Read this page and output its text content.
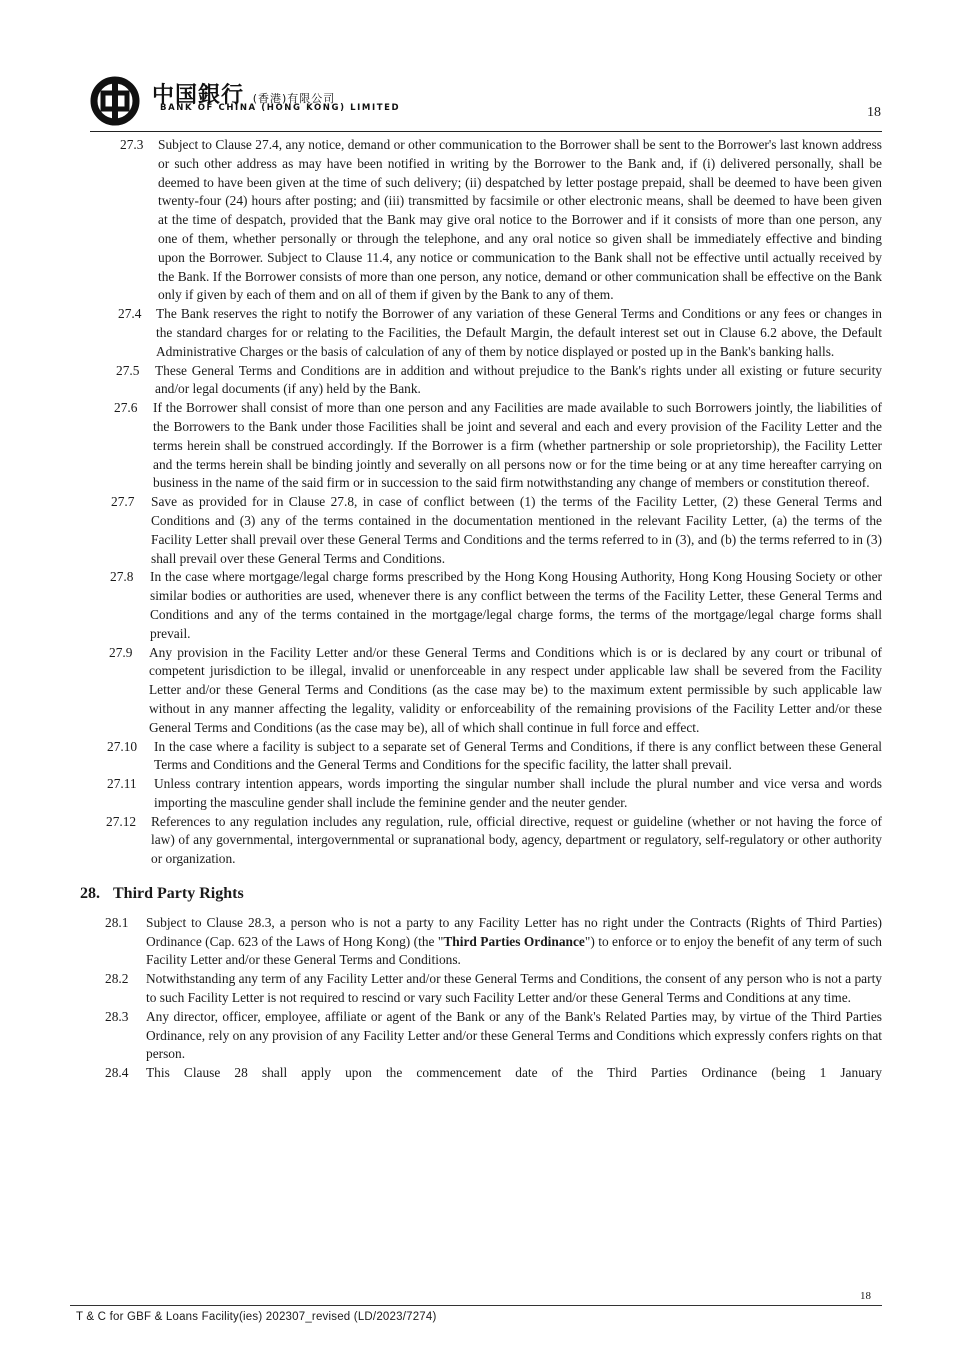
中国銀行 (香港)有限公司
BANK OF CHINA (HONG KONG) LIMITED	18
27.3 Subject to Clause 27.4, any notice, demand or other communication to the Borrower shall be sent to the Borrower's last known address or such other address as may have been notified in writing by the Borrower to the Bank and, if (i) delivered personally, shall be deemed to have been given at the time of such delivery; (ii) despatched by letter postage prepaid, shall be deemed to have been given twenty-four (24) hours after posting; and (iii) transmitted by facsimile or other electronic means, shall be deemed to have been given at the time of despatch, provided that the Bank may give oral notice to the Borrower and if it consists of more than one person, any one of them, whether personally or through the telephone, and any oral notice so given shall be immediately effective and binding upon the Borrower. Subject to Clause 11.4, any notice or communication to the Bank shall not be effective until actually received by the Bank. If the Borrower consists of more than one person, any notice, demand or other communication shall be effective on the Bank only if given by each of them and on all of them if given by the Bank to any of them.
27.4 The Bank reserves the right to notify the Borrower of any variation of these General Terms and Conditions or any fees or changes in the standard charges for or relating to the Facilities, the Default Margin, the default interest set out in Clause 6.2 above, the Default Administrative Charges or the basis of calculation of any of them by notice displayed or posted up in the Bank's banking halls.
27.5 These General Terms and Conditions are in addition and without prejudice to the Bank's rights under all existing or future security and/or legal documents (if any) held by the Bank.
27.6 If the Borrower shall consist of more than one person and any Facilities are made available to such Borrowers jointly, the liabilities of the Borrowers to the Bank under those Facilities shall be joint and several and each and every provision of the Facility Letter and the terms herein shall be construed accordingly. If the Borrower is a firm (whether partnership or sole proprietorship), the Facility Letter and the terms herein shall be binding jointly and severally on all persons now or for the time being or at any time hereafter carrying on business in the name of the said firm or in succession to the said firm notwithstanding any change of members or constitution thereof.
27.7 Save as provided for in Clause 27.8, in case of conflict between (1) the terms of the Facility Letter, (2) these General Terms and Conditions and (3) any of the terms contained in the documentation mentioned in the relevant Facility Letter, (a) the terms of the Facility Letter shall prevail over these General Terms and Conditions and the terms referred to in (3), and (b) the terms referred to in (3) shall prevail over these General Terms and Conditions.
27.8 In the case where mortgage/legal charge forms prescribed by the Hong Kong Housing Authority, Hong Kong Housing Society or other similar bodies or authorities are used, whenever there is any conflict between the terms of the Facility Letter, these General Terms and Conditions and any of the terms contained in the mortgage/legal charge forms, the terms of the mortgage/legal charge forms shall prevail.
27.9 Any provision in the Facility Letter and/or these General Terms and Conditions which is or is declared by any court or tribunal of competent jurisdiction to be illegal, invalid or unenforceable in any respect under applicable law shall be severed from the Facility Letter and/or these General Terms and Conditions (as the case may be) to the maximum extent permissible by such applicable law without in any manner affecting the legality, validity or enforceability of the remaining provisions of the Facility Letter and/or these General Terms and Conditions (as the case may be), all of which shall continue in full force and effect.
27.10 In the case where a facility is subject to a separate set of General Terms and Conditions, if there is any conflict between these General Terms and Conditions and the General Terms and Conditions for the specific facility, the latter shall prevail.
27.11 Unless contrary intention appears, words importing the singular number shall include the plural number and vice versa and words importing the masculine gender shall include the feminine gender and the neuter gender.
27.12 References to any regulation includes any regulation, rule, official directive, request or guideline (whether or not having the force of law) of any governmental, intergovernmental or supranational body, agency, department or regulatory, self-regulatory or other authority or organization.
28. Third Party Rights
28.1 Subject to Clause 28.3, a person who is not a party to any Facility Letter has no right under the Contracts (Rights of Third Parties) Ordinance (Cap. 623 of the Laws of Hong Kong) (the "Third Parties Ordinance") to enforce or to enjoy the benefit of any term of such Facility Letter and/or these General Terms and Conditions.
28.2 Notwithstanding any term of any Facility Letter and/or these General Terms and Conditions, the consent of any person who is not a party to such Facility Letter is not required to rescind or vary such Facility Letter and/or these General Terms and Conditions at any time.
28.3 Any director, officer, employee, affiliate or agent of the Bank or any of the Bank's Related Parties may, by virtue of the Third Parties Ordinance, rely on any provision of any Facility Letter and/or these General Terms and Conditions which expressly confers rights on that person.
28.4 This Clause 28 shall apply upon the commencement date of the Third Parties Ordinance (being 1 January
18
T & C for GBF & Loans Facility(ies) 202307_revised (LD/2023/7274)
